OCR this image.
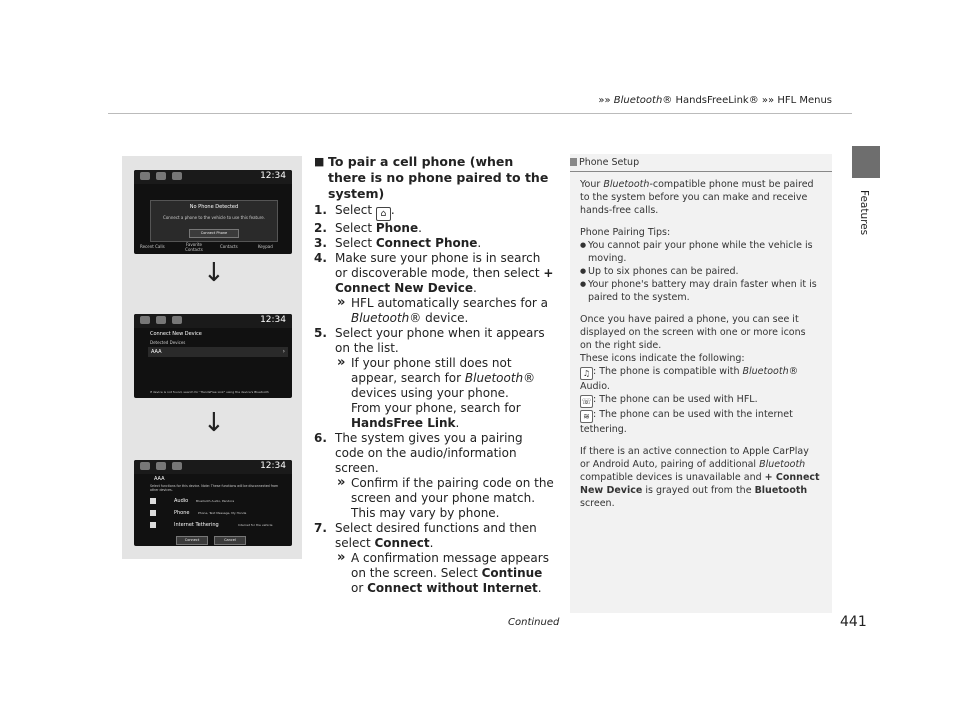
»» Bluetooth® HandsFreeLink® »» HFL Menus
Features
12:34
No Phone Detected
Connect a phone to the vehicle to use this feature.
Connect Phone
Recent Calls	Favorite Contacts
Contacts	Keypad
↓
12:34
Connect New Device
Detected Devices
AAA	›
If device is not found, search for "HandsFree Link" using the device's Bluetooth
↓
12:34
AAA
Select functions for this device. Note: These functions will be disconnected from other devices.
Audio	Bluetooth Audio, Pandora
Phone	Phone, Text Message, My Honda
Internet Tethering	Internet for the vehicle
Connect	Cancel
■ To pair a cell phone (when there is no phone paired to the system)
1. Select ⌂ .
2. Select Phone.
3. Select Connect Phone.
4. Make sure your phone is in search or discoverable mode, then select + Connect New Device.
» HFL automatically searches for a Bluetooth® device.
5. Select your phone when it appears on the list.
» If your phone still does not appear, search for Bluetooth® devices using your phone.
From your phone, search for HandsFree Link.
6. The system gives you a pairing code on the audio/information screen.
» Confirm if the pairing code on the screen and your phone match.
This may vary by phone.
7. Select desired functions and then select Connect.
» A confirmation message appears on the screen. Select Continue or Connect without Internet.
Phone Setup

Your Bluetooth-compatible phone must be paired to the system before you can make and receive hands-free calls.

Phone Pairing Tips:
● You cannot pair your phone while the vehicle is moving.
● Up to six phones can be paired.
● Your phone's battery may drain faster when it is paired to the system.
Once you have paired a phone, you can see it displayed on the screen with one or more icons on the right side.
These icons indicate the following:
♫ : The phone is compatible with Bluetooth® Audio.
☏ : The phone can be used with HFL.
≋ : The phone can be used with the internet tethering.

If there is an active connection to Apple CarPlay or Android Auto, pairing of additional Bluetooth compatible devices is unavailable and + Connect New Device is grayed out from the Bluetooth screen.

Continued	441
